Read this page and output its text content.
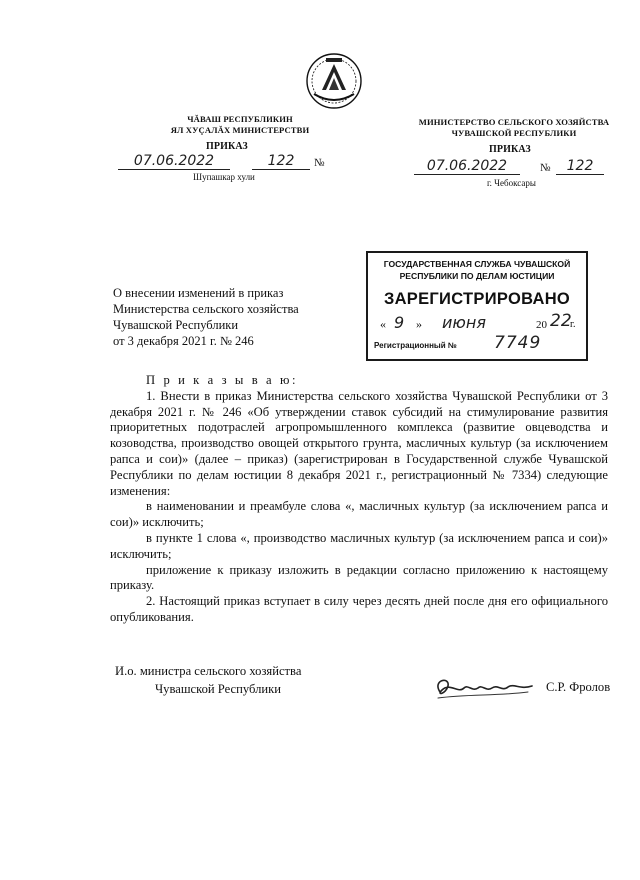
ЧĂВАШ РЕСПУБЛИКИН
ЯЛ ХУÇАЛĂХ МИНИСТЕРСТВИ
ПРИКАЗ
07.06.2022	122	№
Шупашкар хули
МИНИСТЕРСТВО СЕЛЬСКОГО ХОЗЯЙСТВА
ЧУВАШСКОЙ РЕСПУБЛИКИ
ПРИКАЗ
07.06.2022	№	122
г. Чебоксары
О внесении изменений в приказ
Министерства сельского хозяйства
Чувашской Республики
от 3 декабря 2021 г. № 246
ГОСУДАРСТВЕННАЯ СЛУЖБА ЧУВАШСКОЙ
РЕСПУБЛИКИ ПО ДЕЛАМ ЮСТИЦИИ
ЗАРЕГИСТРИРОВАНО
« 9 » июня	20 22
г.
Регистрационный № 7749

П р и к а з ы в а ю:

1. Внести в приказ Министерства сельского хозяйства Чувашской Республики от 3 декабря 2021 г. № 246 «Об утверждении ставок субсидий на стимулирование развития приоритетных подотраслей агропромышленного комплекса (развитие овцеводства и козоводства, производство овощей открытого грунта, масличных культур (за исключением рапса и сои)» (далее – приказ) (зарегистрирован в Государственной службе Чувашской Республики по делам юстиции 8 декабря 2021 г., регистрационный № 7334) следующие изменения:

в наименовании и преамбуле слова «, масличных культур (за исключением рапса и сои)» исключить;

в пункте 1 слова «, производство масличных культур (за исключением рапса и сои)» исключить;

приложение к приказу изложить в редакции согласно приложению к настоящему приказу.

2. Настоящий приказ вступает в силу через десять дней после дня его официального опубликования.

И.о. министра сельского хозяйства
Чувашской Республики	С.Р. Фролов
